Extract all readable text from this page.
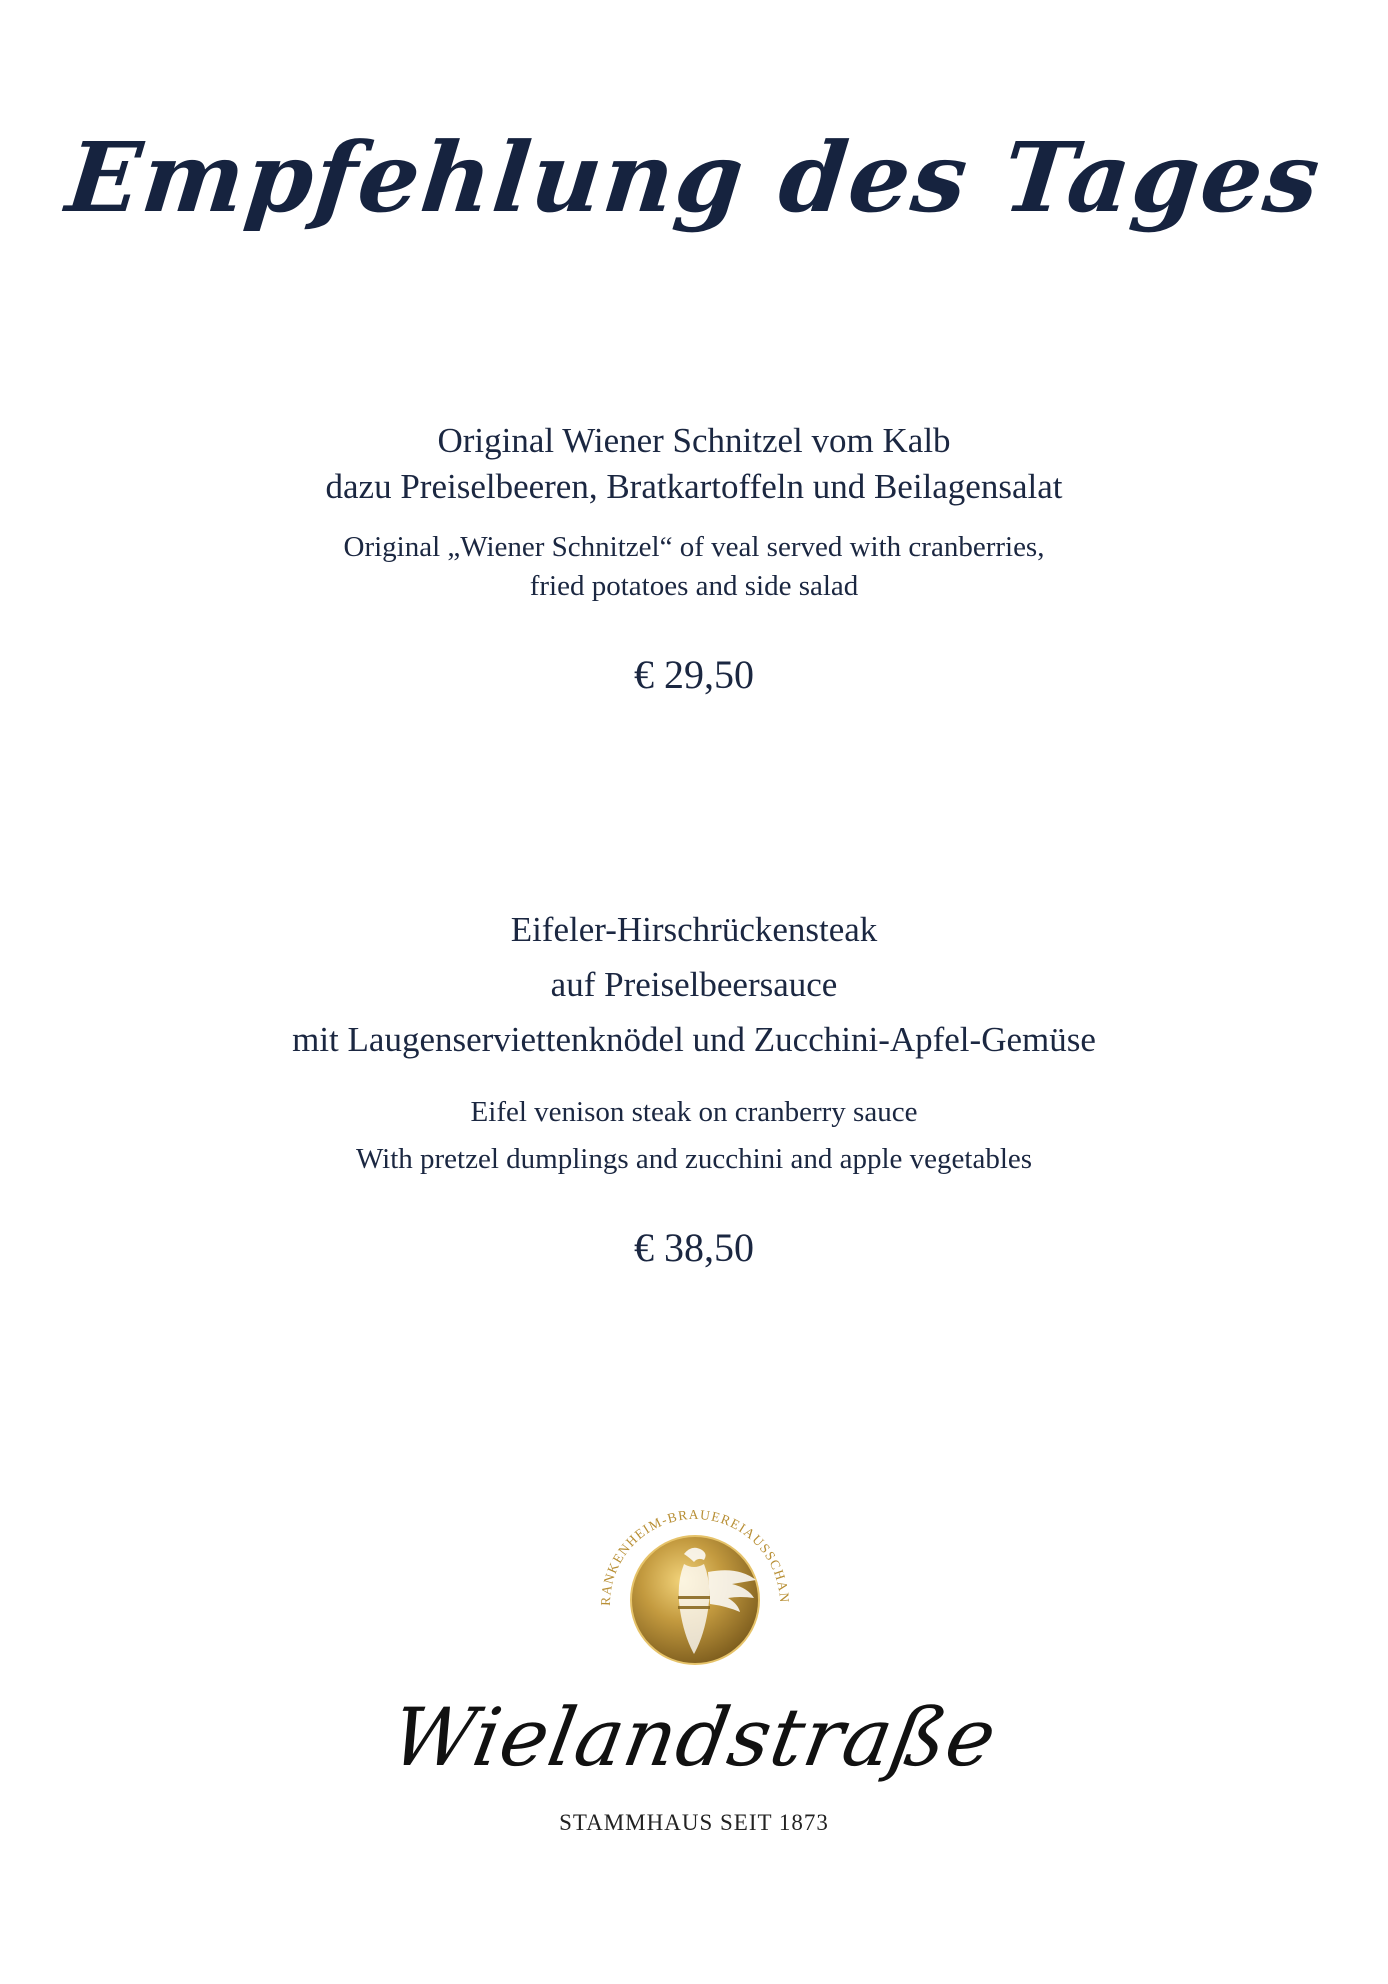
Empfehlung des Tages
Original Wiener Schnitzel vom Kalb
dazu Preiselbeeren, Bratkartoffeln und Beilagensalat
Original „Wiener Schnitzel“ of veal served with cranberries,
fried potatoes and side salad
€ 29,50
Eifeler-Hirschrückensteak
auf Preiselbeersauce
mit Laugenserviettenknödel und Zucchini-Apfel-Gemüse
Eifel venison steak on cranberry sauce
With pretzel dumplings and zucchini and apple vegetables
€ 38,50
RANKENHEIM-BRAUEREIAUSSCHAN
Wielandstraße
STAMMHAUS SEIT 1873
